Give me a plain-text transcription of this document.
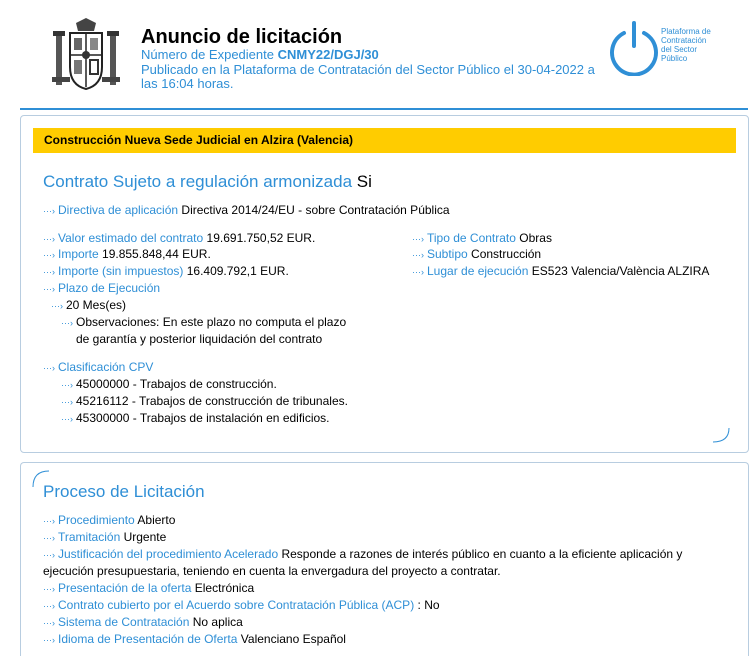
Anuncio de licitación
Número de Expediente CNMY22/DGJ/30
Publicado en la Plataforma de Contratación del Sector Público el 30-04-2022 a las 16:04 horas.
Plataforma de
Contratación
del Sector
Público
Construcción Nueva Sede Judicial en Alzira (Valencia)
Contrato Sujeto a regulación armonizada Si
···› Directiva de aplicación Directiva 2014/24/EU - sobre Contratación Pública
···› Valor estimado del contrato 19.691.750,52 EUR.
···› Importe 19.855.848,44 EUR.
···› Importe (sin impuestos) 16.409.792,1 EUR.
···› Plazo de Ejecución
···› 20 Mes(es)
···› Observaciones: En este plazo no computa el plazo
de garantía y posterior liquidación del contrato
···› Tipo de Contrato Obras
···› Subtipo Construcción
···› Lugar de ejecución ES523 Valencia/València ALZIRA
···› Clasificación CPV
···› 45000000 - Trabajos de construcción.
···› 45216112 - Trabajos de construcción de tribunales.
···› 45300000 - Trabajos de instalación en edificios.
Proceso de Licitación
···› Procedimiento Abierto
···› Tramitación Urgente
···› Justificación del procedimiento Acelerado Responde a razones de interés público en cuanto a la eficiente aplicación y
ejecución presupuestaria, teniendo en cuenta la envergadura del proyecto a contratar.
···› Presentación de la oferta Electrónica
···› Contrato cubierto por el Acuerdo sobre Contratación Pública (ACP) : No
···› Sistema de Contratación No aplica
···› Idioma de Presentación de Oferta Valenciano Español
